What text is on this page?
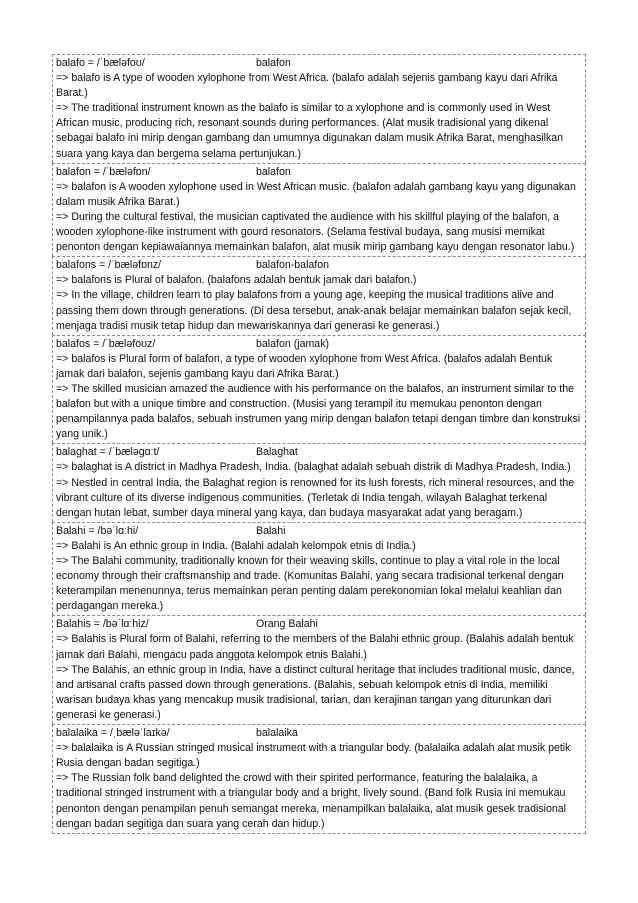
balafo = /ˈbæləfoʊ/	balafon

=> balafo is A type of wooden xylophone from West Africa. (balafo adalah sejenis gambang kayu dari Afrika Barat.)

=> The traditional instrument known as the balafo is similar to a xylophone and is commonly used in West African music, producing rich, resonant sounds during performances. (Alat musik tradisional yang dikenal sebagai balafo ini mirip dengan gambang dan umumnya digunakan dalam musik Afrika Barat, menghasilkan suara yang kaya dan bergema selama pertunjukan.)

balafon = /ˈbæləfɒn/	balafon

=> balafon is A wooden xylophone used in West African music. (balafon adalah gambang kayu yang digunakan dalam musik Afrika Barat.)

=> During the cultural festival, the musician captivated the audience with his skillful playing of the balafon, a wooden xylophone-like instrument with gourd resonators. (Selama festival budaya, sang musisi memikat penonton dengan kepiawaiannya memainkan balafon, alat musik mirip gambang kayu dengan resonator labu.)

balafons = /ˈbæləfɒnz/	balafon-balafon

=> balafons is Plural of balafon. (balafons adalah bentuk jamak dari balafon.)

=> In the village, children learn to play balafons from a young age, keeping the musical traditions alive and passing them down through generations. (Di desa tersebut, anak-anak belajar memainkan balafon sejak kecil, menjaga tradisi musik tetap hidup dan mewariskannya dari generasi ke generasi.)

balafos = /ˈbæləfoʊz/	balafon (jamak)

=> balafos is Plural form of balafon, a type of wooden xylophone from West Africa. (balafos adalah Bentuk jamak dari balafon, sejenis gambang kayu dari Afrika Barat.)

=> The skilled musician amazed the audience with his performance on the balafos, an instrument similar to the balafon but with a unique timbre and construction. (Musisi yang terampil itu memukau penonton dengan penampilannya pada balafos, sebuah instrumen yang mirip dengan balafon tetapi dengan timbre dan konstruksi yang unik.)

balaghat = /ˈbæləgɑːt/	Balaghat

=> balaghat is A district in Madhya Pradesh, India. (balaghat adalah sebuah distrik di Madhya Pradesh, India.)

=> Nestled in central India, the Balaghat region is renowned for its lush forests, rich mineral resources, and the vibrant culture of its diverse indigenous communities. (Terletak di India tengah, wilayah Balaghat terkenal dengan hutan lebat, sumber daya mineral yang kaya, dan budaya masyarakat adat yang beragam.)

Balahi = /bəˈlɑːhi/	Balahi

=> Balahi is An ethnic group in India. (Balahi adalah kelompok etnis di India.)

=> The Balahi community, traditionally known for their weaving skills, continue to play a vital role in the local economy through their craftsmanship and trade. (Komunitas Balahi, yang secara tradisional terkenal dengan keterampilan menenunnya, terus memainkan peran penting dalam perekonomian lokal melalui keahlian dan perdagangan mereka.)

Balahis = /bəˈlɑːhiz/	Orang Balahi

=> Balahis is Plural form of Balahi, referring to the members of the Balahi ethnic group. (Balahis adalah bentuk jamak dari Balahi, mengacu pada anggota kelompok etnis Balahi.)

=> The Balahis, an ethnic group in India, have a distinct cultural heritage that includes traditional music, dance, and artisanal crafts passed down through generations. (Balahis, sebuah kelompok etnis di India, memiliki warisan budaya khas yang mencakup musik tradisional, tarian, dan kerajinan tangan yang diturunkan dari generasi ke generasi.)

balalaika = /ˌbæləˈlaɪkə/	balalaika

=> balalaika is A Russian stringed musical instrument with a triangular body. (balalaika adalah alat musik petik Rusia dengan badan segitiga.)

=> The Russian folk band delighted the crowd with their spirited performance, featuring the balalaika, a traditional stringed instrument with a triangular body and a bright, lively sound. (Band folk Rusia ini memukau penonton dengan penampilan penuh semangat mereka, menampilkan balalaika, alat musik gesek tradisional dengan badan segitiga dan suara yang cerah dan hidup.)
